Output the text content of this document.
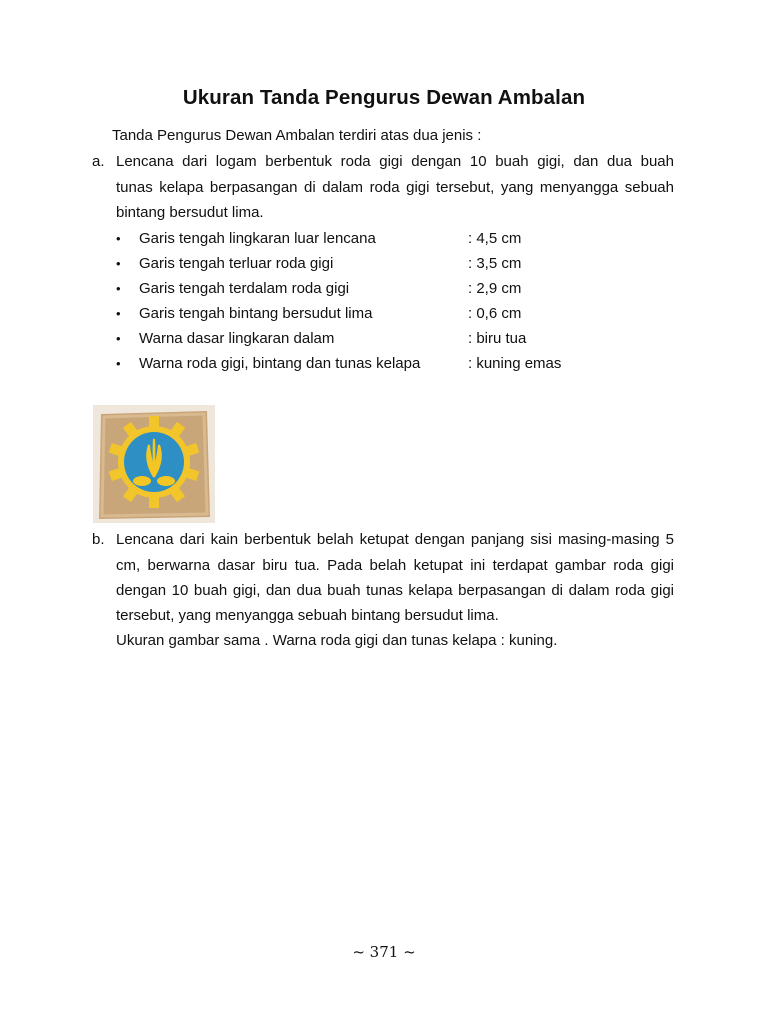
Ukuran Tanda Pengurus Dewan Ambalan
Tanda Pengurus Dewan Ambalan terdiri atas dua jenis :
a. Lencana dari logam berbentuk roda gigi dengan 10 buah gigi, dan dua buah
tunas kelapa berpasangan di dalam roda gigi tersebut, yang menyangga sebuah
bintang bersudut lima.
• Garis tengah lingkaran luar lencana	: 4,5 cm
• Garis tengah terluar roda gigi	: 3,5 cm
• Garis tengah terdalam roda gigi	: 2,9 cm
• Garis tengah bintang bersudut lima	: 0,6 cm
• Warna dasar lingkaran dalam	: biru tua
• Warna roda gigi, bintang dan tunas kelapa	: kuning emas
b. Lencana dari kain berbentuk belah ketupat dengan panjang sisi masing-masing 5
cm, berwarna dasar biru tua. Pada belah ketupat ini terdapat gambar roda gigi
dengan 10 buah gigi, dan dua buah tunas kelapa berpasangan di dalam roda gigi
tersebut, yang menyangga sebuah bintang bersudut lima.
Ukuran gambar sama . Warna roda gigi dan tunas kelapa : kuning.
~ 371 ~
